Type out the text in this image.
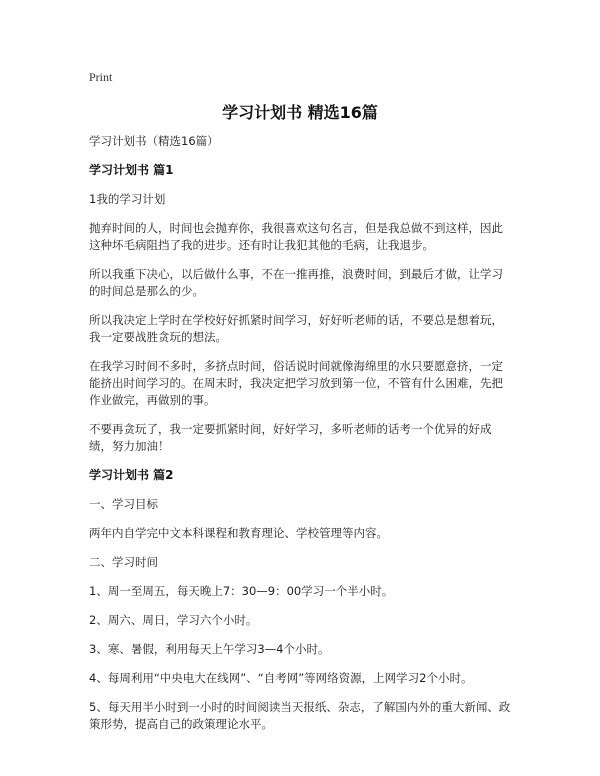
Print
学习计划书 精选16篇

学习计划书（精选16篇）

学习计划书 篇1

1我的学习计划

抛弃时间的人，时间也会抛弃你，我很喜欢这句名言，但是我总做不到这样，因此这种坏毛病阻挡了我的进步。还有时让我犯其他的毛病，让我退步。

所以我重下决心，以后做什么事，不在一推再推，浪费时间，到最后才做，让学习的时间总是那么的少。

所以我决定上学时在学校好好抓紧时间学习，好好听老师的话，不要总是想着玩，我一定要战胜贪玩的想法。

在我学习时间不多时，多挤点时间，俗话说时间就像海绵里的水只要愿意挤，一定能挤出时间学习的。在周末时，我决定把学习放到第一位，不管有什么困难，先把作业做完，再做别的事。

不要再贪玩了，我一定要抓紧时间，好好学习，多听老师的话考一个优异的好成绩，努力加油！

学习计划书 篇2

一、学习目标

两年内自学完中文本科课程和教育理论、学校管理等内容。

二、学习时间

1、周一至周五，每天晚上7：30—9：00学习一个半小时。

2、周六、周日，学习六个小时。

3、寒、暑假，利用每天上午学习3—4个小时。

4、每周利用“中央电大在线网”、“自考网”等网络资源，上网学习2个小时。

5、每天用半小时到一小时的时间阅读当天报纸、杂志，了解国内外的重大新闻、政策形势，提高自己的政策理论水平。
